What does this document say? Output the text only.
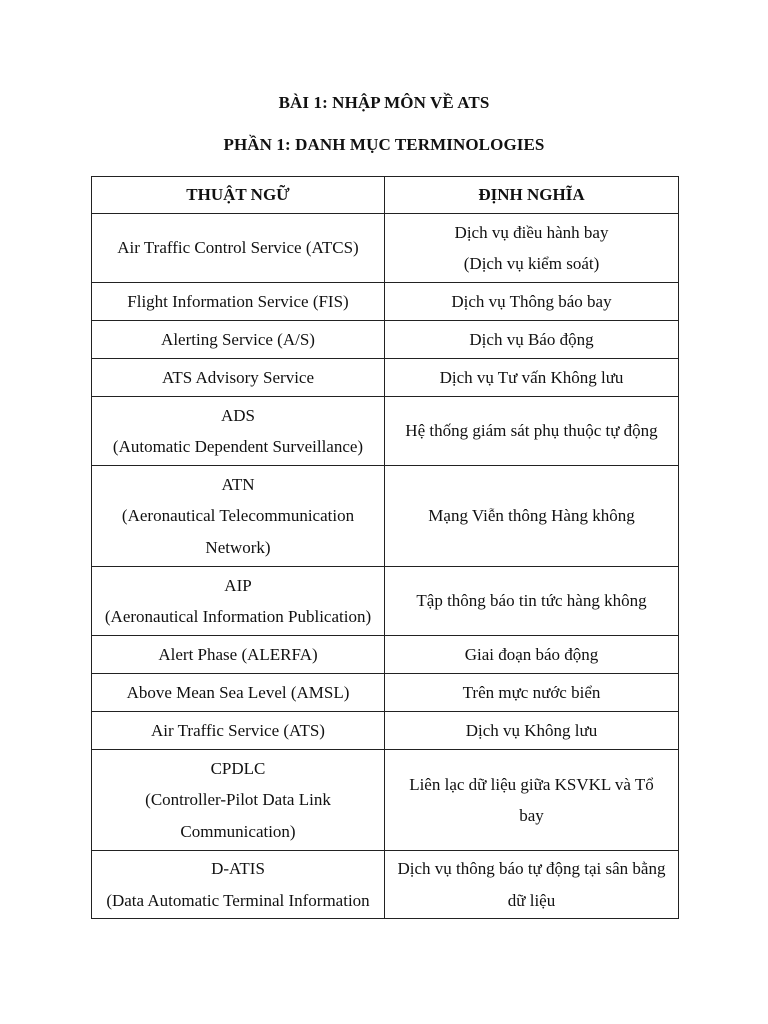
BÀI 1: NHẬP MÔN VỀ ATS
PHẦN 1: DANH MỤC TERMINOLOGIES
THUẬT NGỮ	ĐỊNH NGHĨA

Air Traffic Control Service (ATCS)	Dịch vụ điều hành bay
(Dịch vụ kiểm soát)

Flight Information Service (FIS)	Dịch vụ Thông báo bay

Alerting Service (A/S)	Dịch vụ Báo động

ATS Advisory Service	Dịch vụ Tư vấn Không lưu

ADS
(Automatic Dependent Surveillance)	Hệ thống giám sát phụ thuộc tự động

ATN
(Aeronautical Telecommunication
Network)	Mạng Viễn thông Hàng không

AIP
(Aeronautical Information Publication)	Tập thông báo tin tức hàng không

Alert Phase (ALERFA)	Giai đoạn báo động

Above Mean Sea Level (AMSL)	Trên mực nước biển

Air Traffic Service (ATS)	Dịch vụ Không lưu

CPDLC
(Controller-Pilot Data Link
Communication)	Liên lạc dữ liệu giữa KSVKL và Tổ
bay

D-ATIS
(Data Automatic Terminal Information	Dịch vụ thông báo tự động tại sân bằng
dữ liệu
